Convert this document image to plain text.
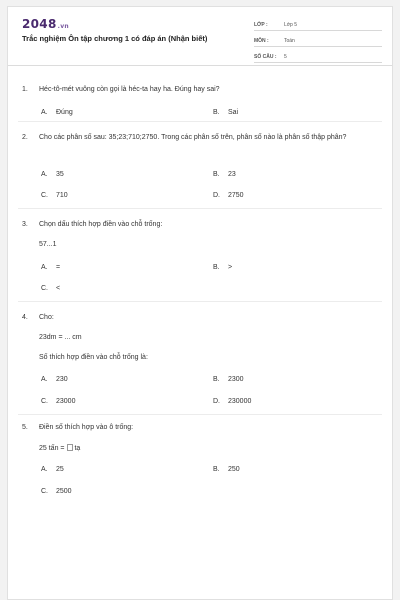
2048.vn
Trắc nghiệm Ôn tập chương 1 có đáp án (Nhận biết)
LỚP :	Lớp 5
MÔN :	Toán
SỐ CÂU :	5
1. Héc-tô-mét vuông còn gọi là héc-ta hay ha. Đúng hay sai?
A. Đúng	B. Sai
2. Cho các phân số sau: 35;23;710;2750. Trong các phân số trên, phân số nào là phân số thập phân?
A. 35	B. 23
C. 710	D. 2750
3. Chọn dấu thích hợp điền vào chỗ trống:
57...1
A. =	B. >
C. <
4. Cho:
23dm = ... cm
Số thích hợp điền vào chỗ trống là:
A. 230	B. 2300
C. 23000	D. 230000
5. Điền số thích hợp vào ô trống:
25 tấn = tạ
A. 25	B. 250
C. 2500
